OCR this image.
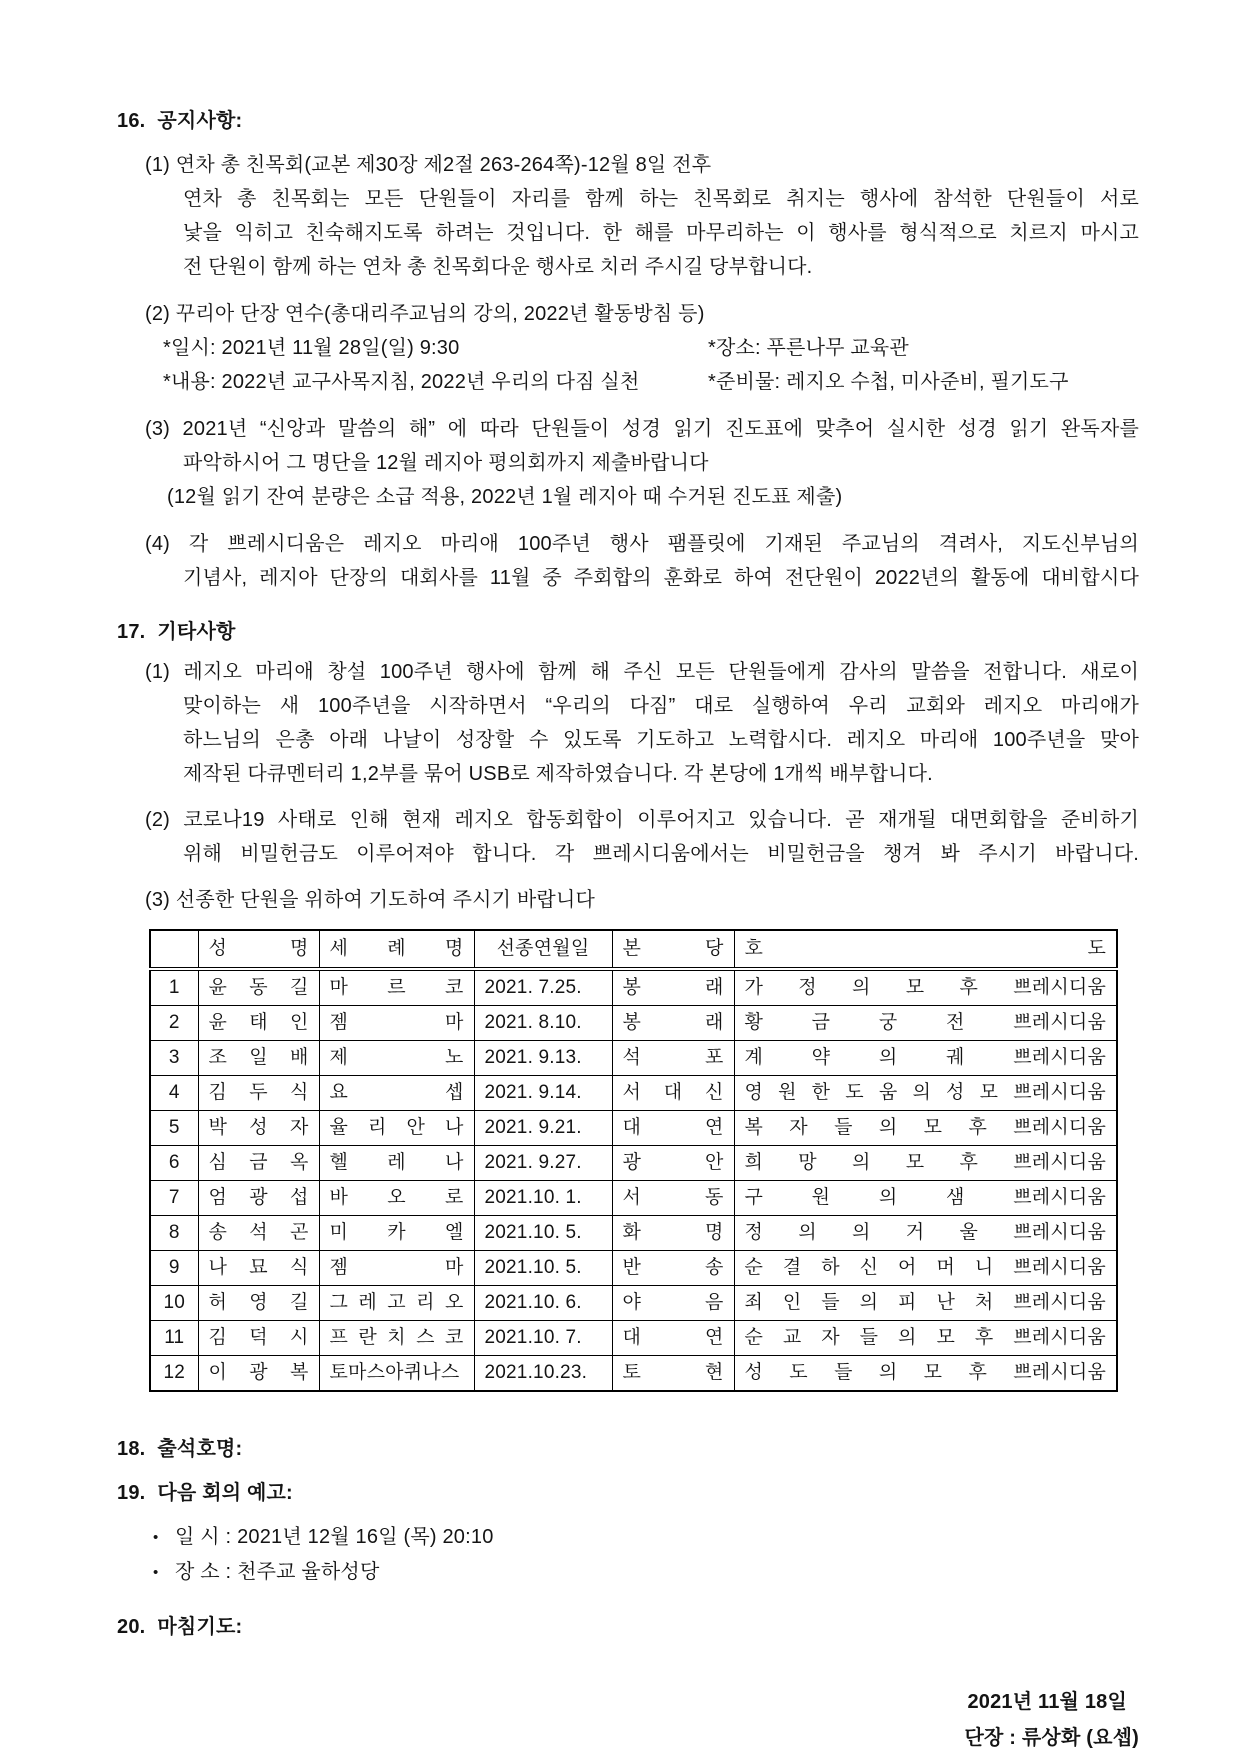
16. 공지사항:
(1) 연차 총 친목회(교본 제30장 제2절 263-264쪽)-12월 8일 전후
연차 총 친목회는 모든 단원들이 자리를 함께 하는 친목회로 취지는 행사에 참석한 단원들이 서로
낯을 익히고 친숙해지도록 하려는 것입니다. 한 해를 마무리하는 이 행사를 형식적으로 치르지 마시고
전 단원이 함께 하는 연차 총 친목회다운 행사로 치러 주시길 당부합니다.
(2) 꾸리아 단장 연수(총대리주교님의 강의, 2022년 활동방침 등)
*일시: 2021년 11월 28일(일) 9:30	*장소: 푸른나무 교육관
*내용: 2022년 교구사목지침, 2022년 우리의 다짐 실천	*준비물: 레지오 수첩, 미사준비, 필기도구
(3) 2021년 “신앙과 말씀의 해” 에 따라 단원들이 성경 읽기 진도표에 맞추어 실시한 성경 읽기 완독자를
파악하시어 그 명단을 12월 레지아 평의회까지 제출바랍니다
(12월 읽기 잔여 분량은 소급 적용, 2022년 1월 레지아 때 수거된 진도표 제출)
(4) 각 쁘레시디움은 레지오 마리애 100주년 행사 팸플릿에 기재된 주교님의 격려사, 지도신부님의
기념사, 레지아 단장의 대회사를 11월 중 주회합의 훈화로 하여 전단원이 2022년의 활동에 대비합시다
17. 기타사항
(1) 레지오 마리애 창설 100주년 행사에 함께 해 주신 모든 단원들에게 감사의 말씀을 전합니다. 새로이
맞이하는 새 100주년을 시작하면서 “우리의 다짐” 대로 실행하여 우리 교회와 레지오 마리애가
하느님의 은총 아래 나날이 성장할 수 있도록 기도하고 노력합시다. 레지오 마리애 100주년을 맞아
제작된 다큐멘터리 1,2부를 묶어 USB로 제작하였습니다. 각 본당에 1개씩 배부합니다.
(2) 코로나19 사태로 인해 현재 레지오 합동회합이 이루어지고 있습니다. 곧 재개될 대면회합을 준비하기
위해 비밀헌금도 이루어져야 합니다. 각 쁘레시디움에서는 비밀헌금을 챙겨 봐 주시기 바랍니다.
(3) 선종한 단원을 위하여 기도하여 주시기 바랍니다
	성 명	세 례 명	선종연월일	본 당	호 도
1	윤 동 길	마 르 코	2021. 7.25.	봉 래	가 정 의 모 후 쁘레시디움
2	윤 태 인	젬 마	2021. 8.10.	봉 래	황 금 궁 전 쁘레시디움
3	조 일 배	제 노	2021. 9.13.	석 포	계 약 의 궤 쁘레시디움
4	김 두 식	요 셉	2021. 9.14.	서 대 신	영 원 한 도 움 의 성 모 쁘레시디움
5	박 성 자	율 리 안 나	2021. 9.21.	대 연	복 자 들 의 모 후 쁘레시디움
6	심 금 옥	헬 레 나	2021. 9.27.	광 안	희 망 의 모 후 쁘레시디움
7	엄 광 섭	바 오 로	2021.10. 1.	서 동	구 원 의 샘 쁘레시디움
8	송 석 곤	미 카 엘	2021.10. 5.	화 명	정 의 의 거 울 쁘레시디움
9	나 묘 식	젬 마	2021.10. 5.	반 송	순 결 하 신 어 머 니 쁘레시디움
10	허 영 길	그 레 고 리 오	2021.10. 6.	야 음	죄 인 들 의 피 난 처 쁘레시디움
11	김 덕 시	프 란 치 스 코	2021.10. 7.	대 연	순 교 자 들 의 모 후 쁘레시디움
12	이 광 복	토마스아퀴나스	2021.10.23.	토 현	성 도 들 의 모 후 쁘레시디움
18. 출석호명:
19. 다음 회의 예고:
• 일 시 : 2021년 12월 16일 (목) 20:10
• 장 소 : 천주교 율하성당
20. 마침기도:
2021년 11월 18일
단장 : 류상화 (요셉)
